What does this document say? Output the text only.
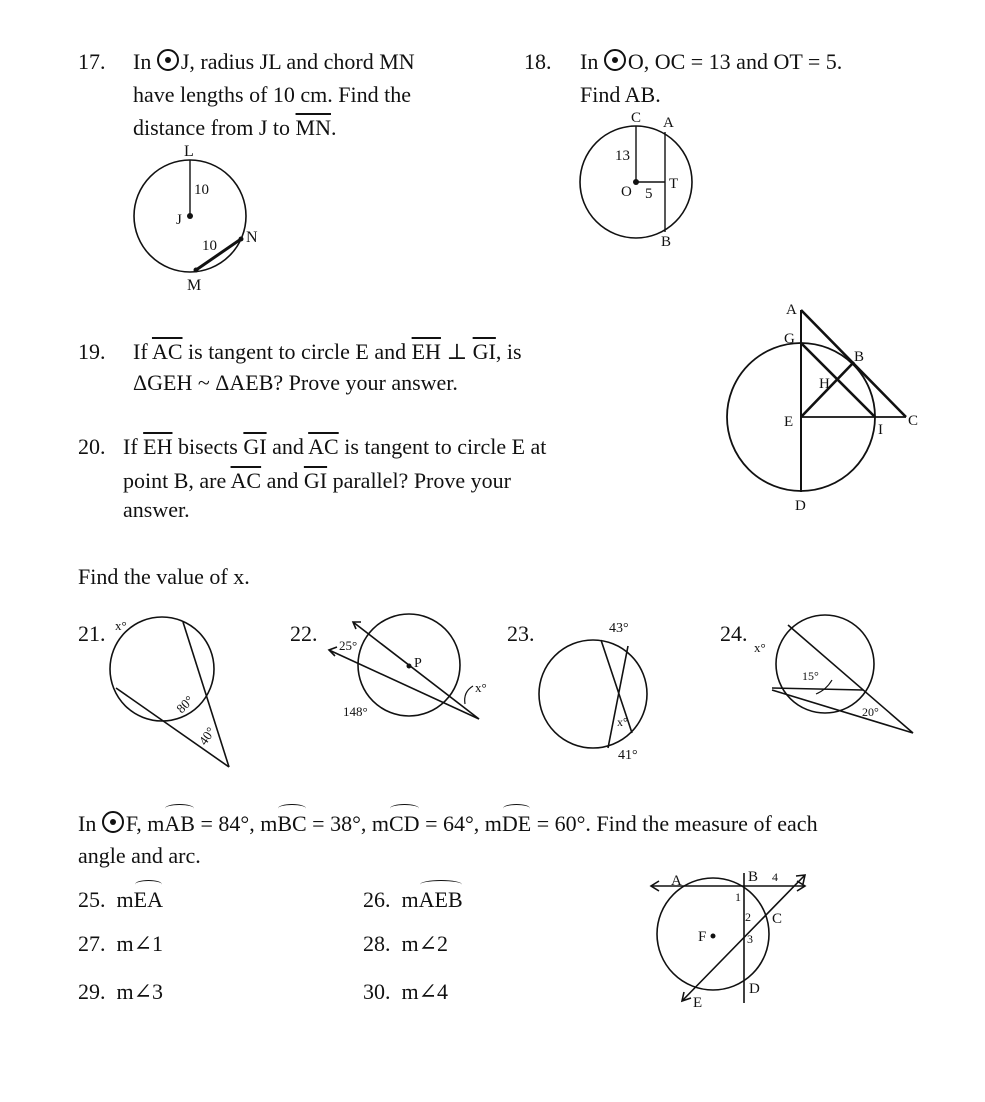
17. In J, radius JL and chord MN
have lengths of 10 cm. Find the
distance from J to $\overline{MN}$.
L
J
10
10 N
M
18. In O, OC = 13 and OT = 5.
Find AB.
C A
13
O 5
T
B
19. If $\overline{AC}$ is tangent to circle E and $\overline{EH}$ ⊥ $\overline{GI}$, is
ΔGEH ~ ΔAEB? Prove your answer.
20. If $\overline{EH}$ bisects $\overline{GI}$ and $\overline{AC}$ is tangent to circle E at
point B, are $\overline{AC}$ and $\overline{GI}$ parallel? Prove your
answer.
A
G
B
H
E	I
C
D
Find the value of x.
21. x°
80°
40°
22. 25°
P
x°
148°
23.	43°
x°
41°
24.
x°
15°
20°
In F, mAB = 84°, mBC = 38°, mCD = 64°, mDE = 60°. Find the measure of each
angle and arc.
25. mEA	26. mAEB
27. m∠1	28. m∠2
29. m∠3	30. m∠4
A	B
C
D
E
F
1
2
3
4
